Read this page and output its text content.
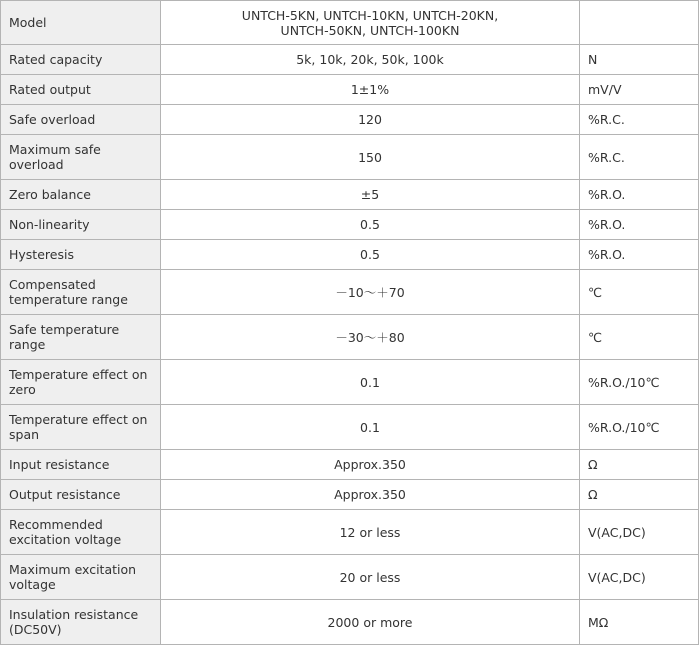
Model	UNTCH-5KN, UNTCH-10KN, UNTCH-20KN,
UNTCH-50KN, UNTCH-100KN	
Rated capacity	5k, 10k, 20k, 50k, 100k	N
Rated output	1±1%	mV/V
Safe overload	120	%R.C.
Maximum safe overload	150	%R.C.
Zero balance	±5	%R.O.
Non-linearity	0.5	%R.O.
Hysteresis	0.5	%R.O.
Compensated temperature range	－10～＋70	℃
Safe temperature range	－30～＋80	℃
Temperature effect on zero	0.1	%R.O./10℃
Temperature effect on span	0.1	%R.O./10℃
Input resistance	Approx.350	Ω
Output resistance	Approx.350	Ω
Recommended excitation voltage	12 or less	V(AC,DC)
Maximum excitation voltage	20 or less	V(AC,DC)
Insulation resistance (DC50V)	2000 or more	MΩ
